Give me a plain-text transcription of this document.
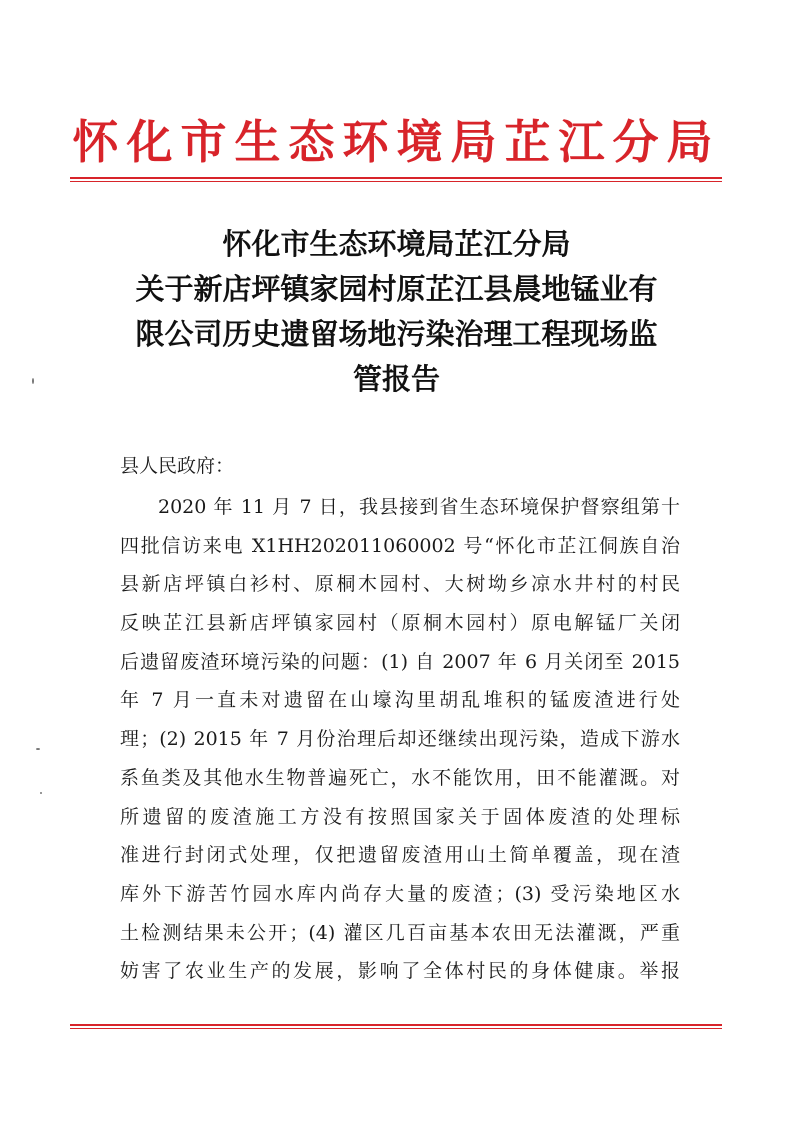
怀化市生态环境局芷江分局
怀化市生态环境局芷江分局
关于新店坪镇家园村原芷江县晨地锰业有
限公司历史遗留场地污染治理工程现场监
管报告
县人民政府：
2020 年 11 月 7 日，我县接到省生态环境保护督察组第十
四批信访来电 X1HH202011060002 号“怀化市芷江侗族自治
县新店坪镇白衫村、原桐木园村、大树坳乡凉水井村的村民
反映芷江县新店坪镇家园村（原桐木园村）原电解锰厂关闭
后遗留废渣环境污染的问题：(1) 自 2007 年 6 月关闭至 2015
年 7 月一直未对遗留在山壕沟里胡乱堆积的锰废渣进行处
理；(2) 2015 年 7 月份治理后却还继续出现污染，造成下游水
系鱼类及其他水生物普遍死亡，水不能饮用，田不能灌溉。对
所遗留的废渣施工方没有按照国家关于固体废渣的处理标
准进行封闭式处理，仅把遗留废渣用山土简单覆盖，现在渣
库外下游苦竹园水库内尚存大量的废渣；(3) 受污染地区水
土检测结果未公开；(4) 灌区几百亩基本农田无法灌溉，严重
妨害了农业生产的发展，影响了全体村民的身体健康。举报
